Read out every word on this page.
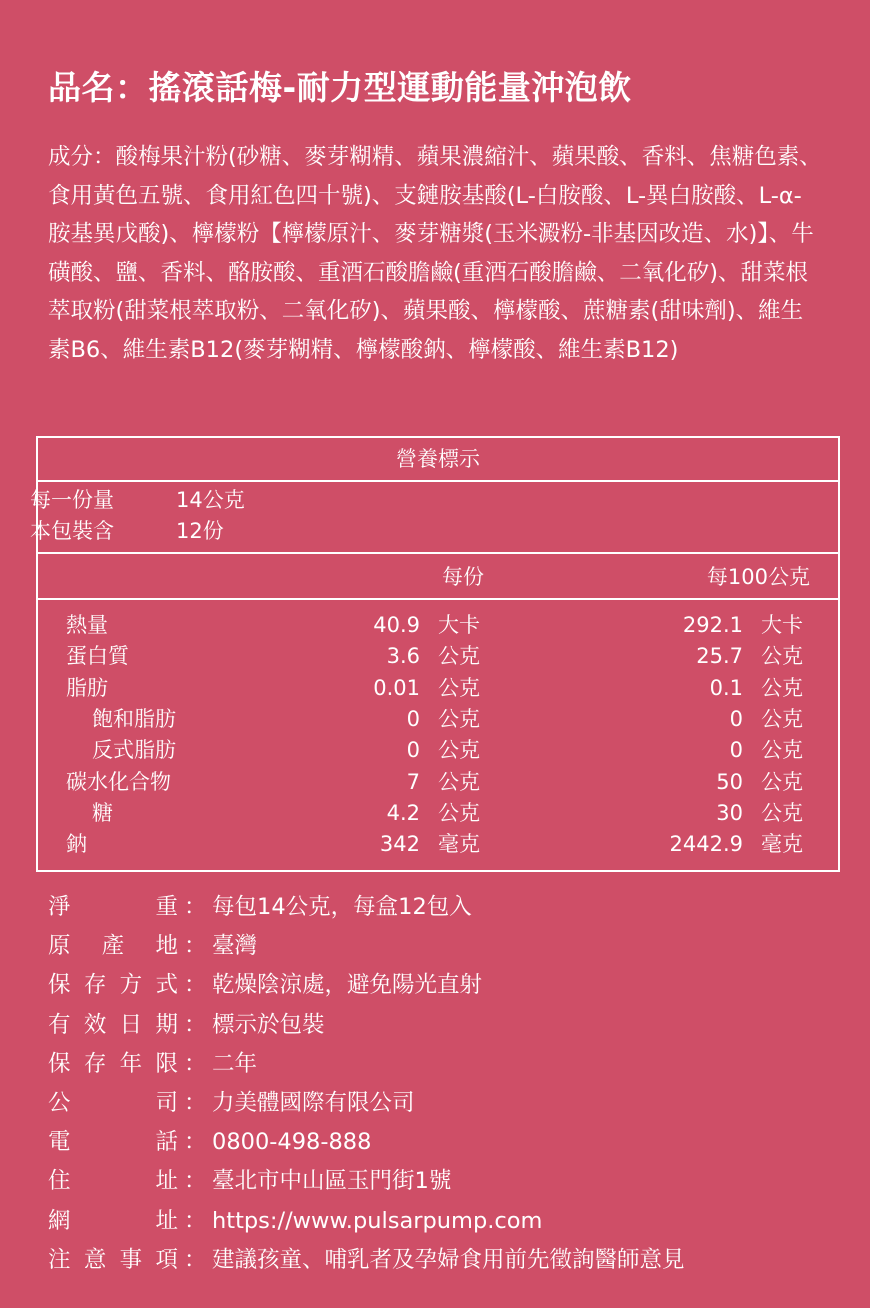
品名：搖滾話梅-耐力型運動能量沖泡飲
成分：酸梅果汁粉(砂糖、麥芽糊精、蘋果濃縮汁、蘋果酸、香料、焦糖色素、食用黃色五號、食用紅色四十號)、支鏈胺基酸(L-白胺酸、L-異白胺酸、L-α-胺基異戊酸)、檸檬粉【檸檬原汁、麥芽糖漿(玉米澱粉-非基因改造、水)】、牛磺酸、鹽、香料、酪胺酸、重酒石酸膽鹼(重酒石酸膽鹼、二氧化矽)、甜菜根萃取粉(甜菜根萃取粉、二氧化矽)、蘋果酸、檸檬酸、蔗糖素(甜味劑)、維生素B6、維生素B12(麥芽糊精、檸檬酸鈉、檸檬酸、維生素B12)
營養標示
每一份量	14公克
本包裝含	12份
每份	每100公克
熱量	40.9 大卡	292.1 大卡
蛋白質	3.6 公克	25.7 公克
脂肪	0.01 公克	0.1 公克
飽和脂肪	0 公克	0 公克
反式脂肪	0 公克	0 公克
碳水化合物	7 公克	50 公克
糖	4.2 公克	30 公克
鈉	342 毫克	2442.9 毫克
淨	重 ： 每包14公克，每盒12包入
原 產 地 ： 臺灣
保 存 方 式 ： 乾燥陰涼處，避免陽光直射
有 效 日 期 ： 標示於包裝
保 存 年 限 ： 二年
公	司 ： 力美體國際有限公司
電	話 ： 0800-498-888
住	址 ： 臺北市中山區玉門街1號
網	址 ： https://www.pulsarpump.com
注 意 事 項 ： 建議孩童、哺乳者及孕婦食用前先徵詢醫師意見
